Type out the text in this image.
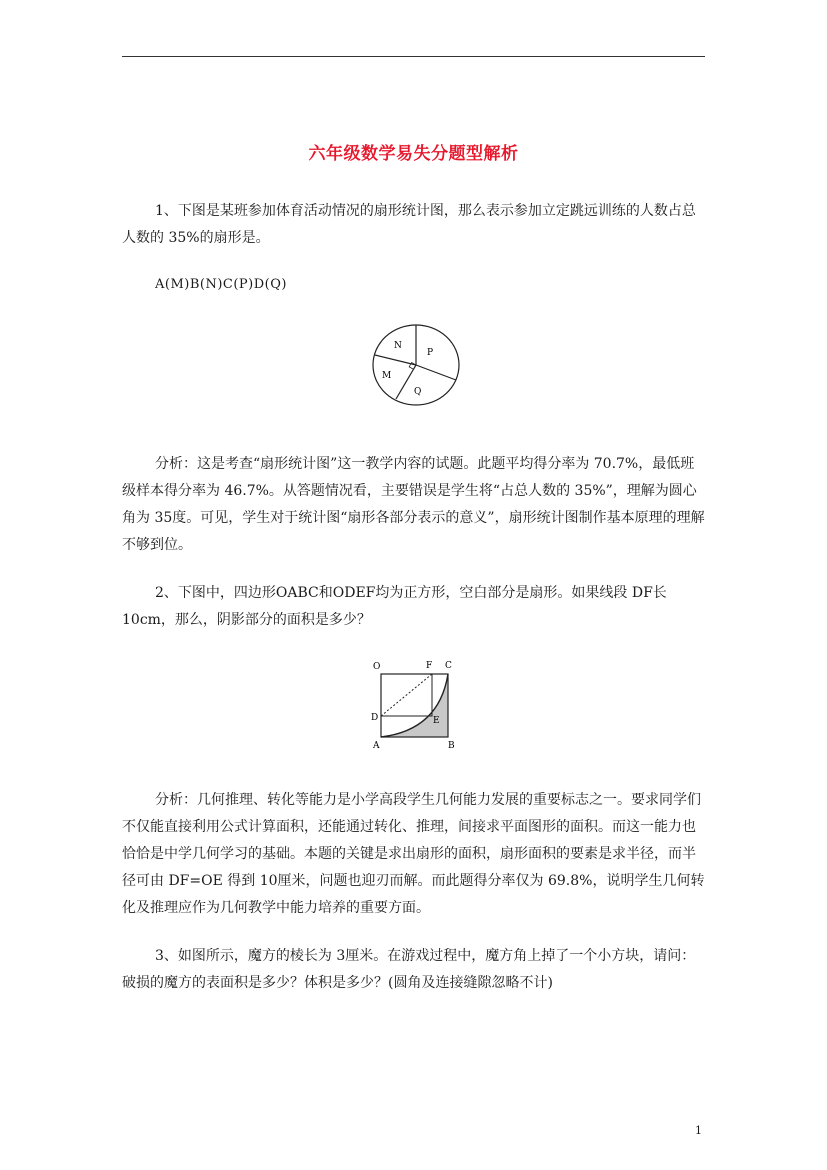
六年级数学易失分题型解析

1、下图是某班参加体育活动情况的扇形统计图，那么表示参加立定跳远训练的人数占总人数的 35%的扇形是。

A(M)B(N)C(P)D(Q)
N
P
M
Q

分析：这是考查“扇形统计图”这一教学内容的试题。此题平均得分率为 70.7%，最低班级样本得分率为 46.7%。从答题情况看，主要错误是学生将“占总人数的 35%”，理解为圆心角为 35度。可见，学生对于统计图“扇形各部分表示的意义”，扇形统计图制作基本原理的理解不够到位。

2、下图中，四边形OABC和ODEF均为正方形，空白部分是扇形。如果线段 DF长 10cm，那么，阴影部分的面积是多少？

O	F C
D	E
A	B

分析：几何推理、转化等能力是小学高段学生几何能力发展的重要标志之一。要求同学们不仅能直接利用公式计算面积，还能通过转化、推理，间接求平面图形的面积。而这一能力也恰恰是中学几何学习的基础。本题的关键是求出扇形的面积，扇形面积的要素是求半径，而半径可由 DF=OE 得到 10厘米，问题也迎刃而解。而此题得分率仅为 69.8%，说明学生几何转化及推理应作为几何教学中能力培养的重要方面。

3、如图所示，魔方的棱长为 3厘米。在游戏过程中，魔方角上掉了一个小方块，请问：破损的魔方的表面积是多少？体积是多少？(圆角及连接缝隙忽略不计)

1
